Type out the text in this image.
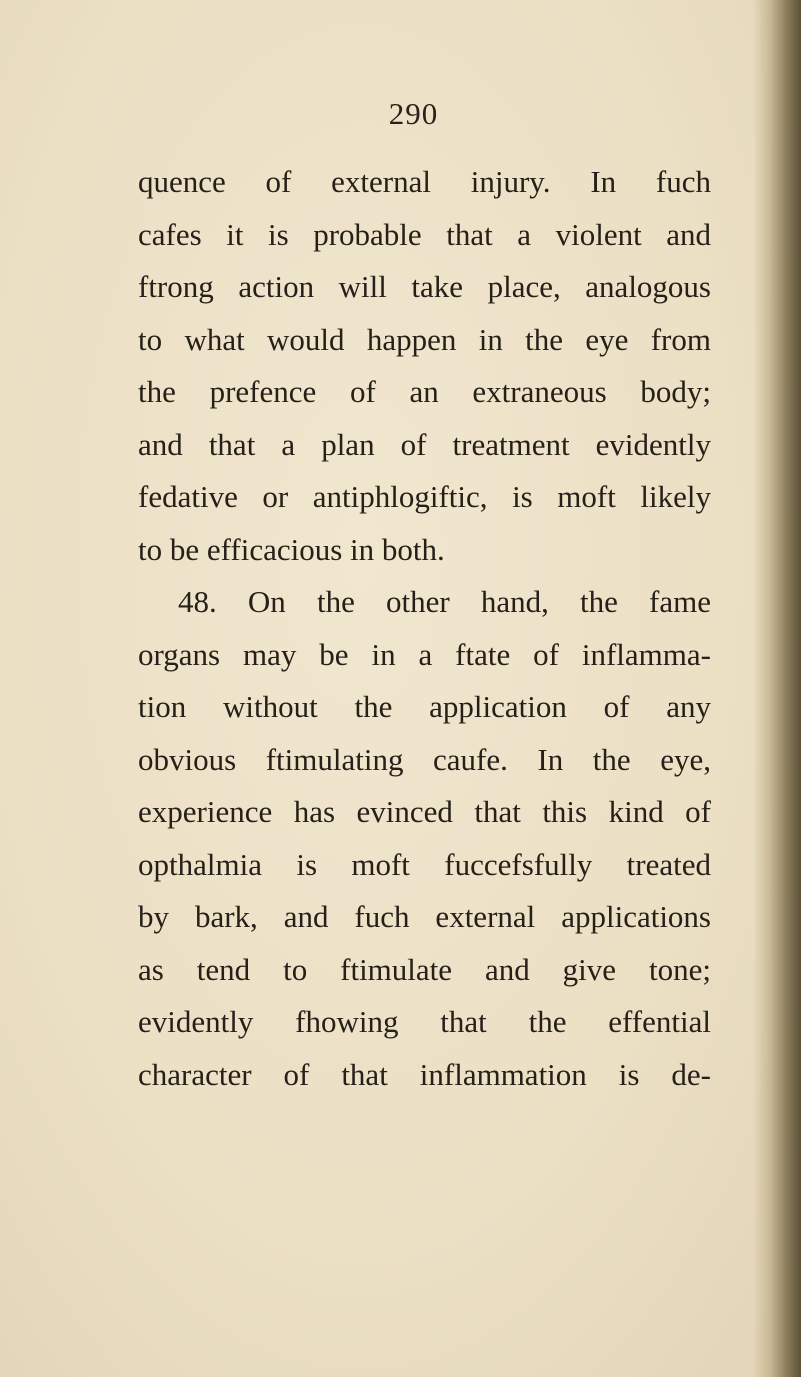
290
quence of external injury. In fuch
cafes it is probable that a violent and
ftrong action will take place, analogous
to what would happen in the eye from
the prefence of an extraneous body;
and that a plan of treatment evidently
fedative or antiphlogiftic, is moft likely
to be efficacious in both.
48. On the other hand, the fame
organs may be in a ftate of inflamma-
tion without the application of any
obvious ftimulating caufe. In the eye,
experience has evinced that this kind of
opthalmia is moft fuccefsfully treated
by bark, and fuch external applications
as tend to ftimulate and give tone;
evidently fhowing that the effential
character of that inflammation is de-
